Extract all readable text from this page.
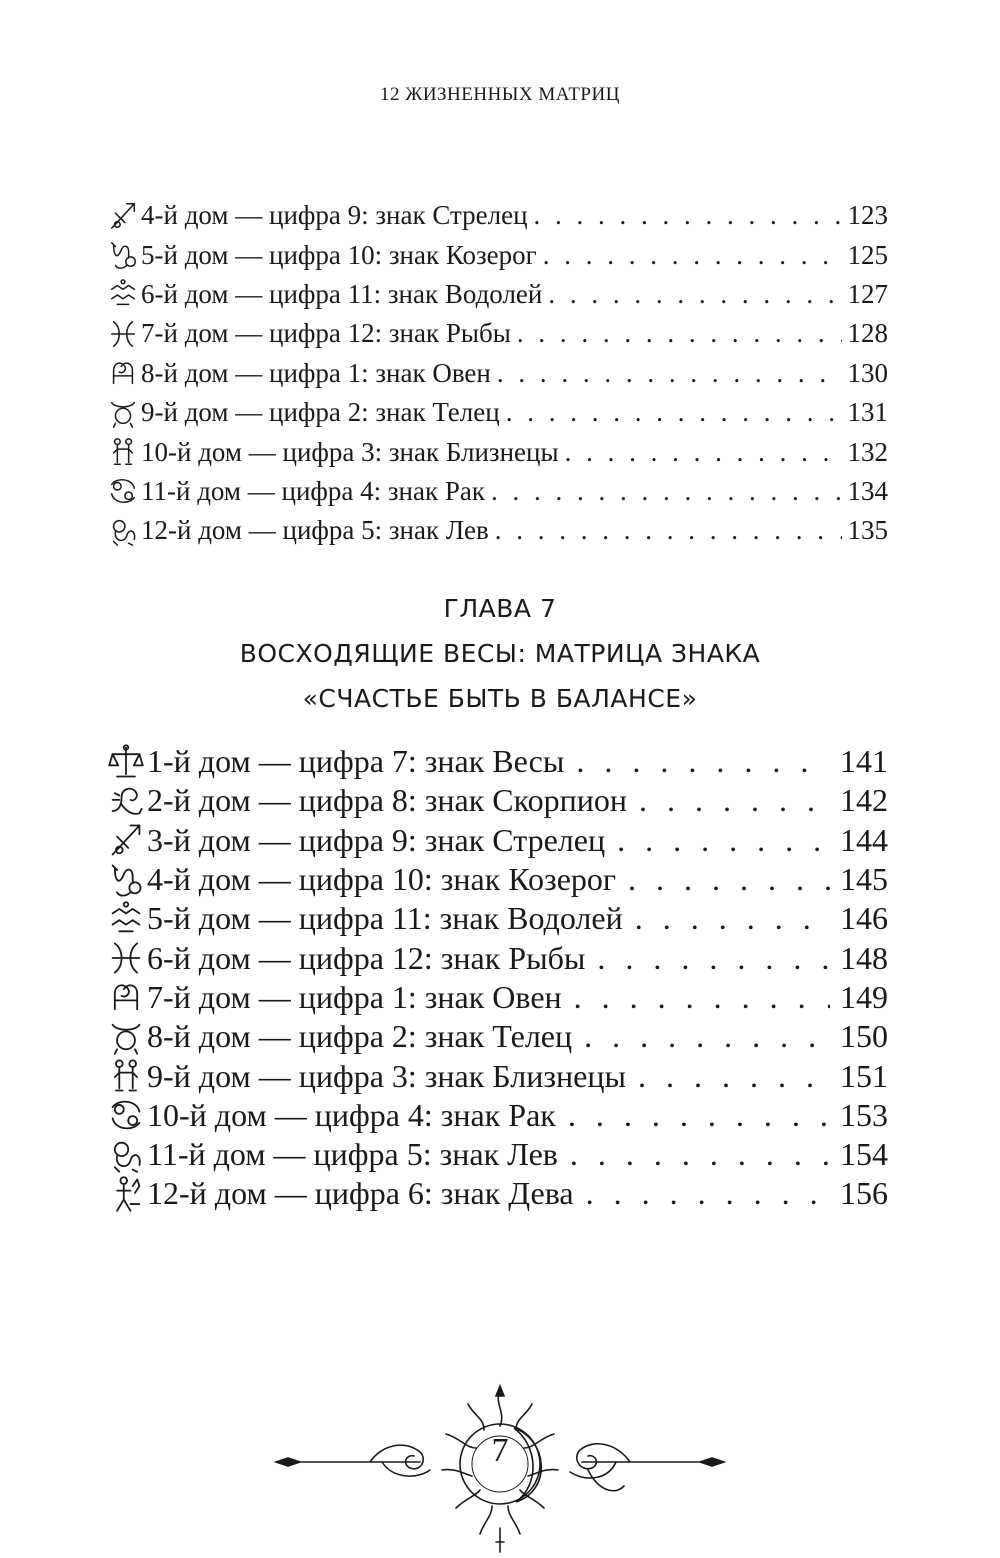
12 ЖИЗНЕННЫХ МАТРИЦ
4-й дом — цифра 9: знак Стрелец . . .	123
5-й дом — цифра 10: знак Козерог . . .	125
6-й дом — цифра 11: знак Водолей . . .	127
7-й дом — цифра 12: знак Рыбы . . .	128
8-й дом — цифра 1: знак Овен . . .	130
9-й дом — цифра 2: знак Телец . . .	131
10-й дом — цифра 3: знак Близнецы . . .	132
11-й дом — цифра 4: знак Рак . . .	134
12-й дом — цифра 5: знак Лев . . .	135
ГЛАВА 7
ВОСХОДЯЩИЕ ВЕСЫ: МАТРИЦА ЗНАКА
«СЧАСТЬЕ БЫТЬ В БАЛАНСЕ»
1-й дом — цифра 7: знак Весы . . .	141
2-й дом — цифра 8: знак Скорпион . . .	142
3-й дом — цифра 9: знак Стрелец . . .	144
4-й дом — цифра 10: знак Козерог . . .	145
5-й дом — цифра 11: знак Водолей . . .	146
6-й дом — цифра 12: знак Рыбы . . .	148
7-й дом — цифра 1: знак Овен . . .	149
8-й дом — цифра 2: знак Телец . . .	150
9-й дом — цифра 3: знак Близнецы . . .	151
10-й дом — цифра 4: знак Рак . . .	153
11-й дом — цифра 5: знак Лев . . .	154
12-й дом — цифра 6: знак Дева . . .	156
7
